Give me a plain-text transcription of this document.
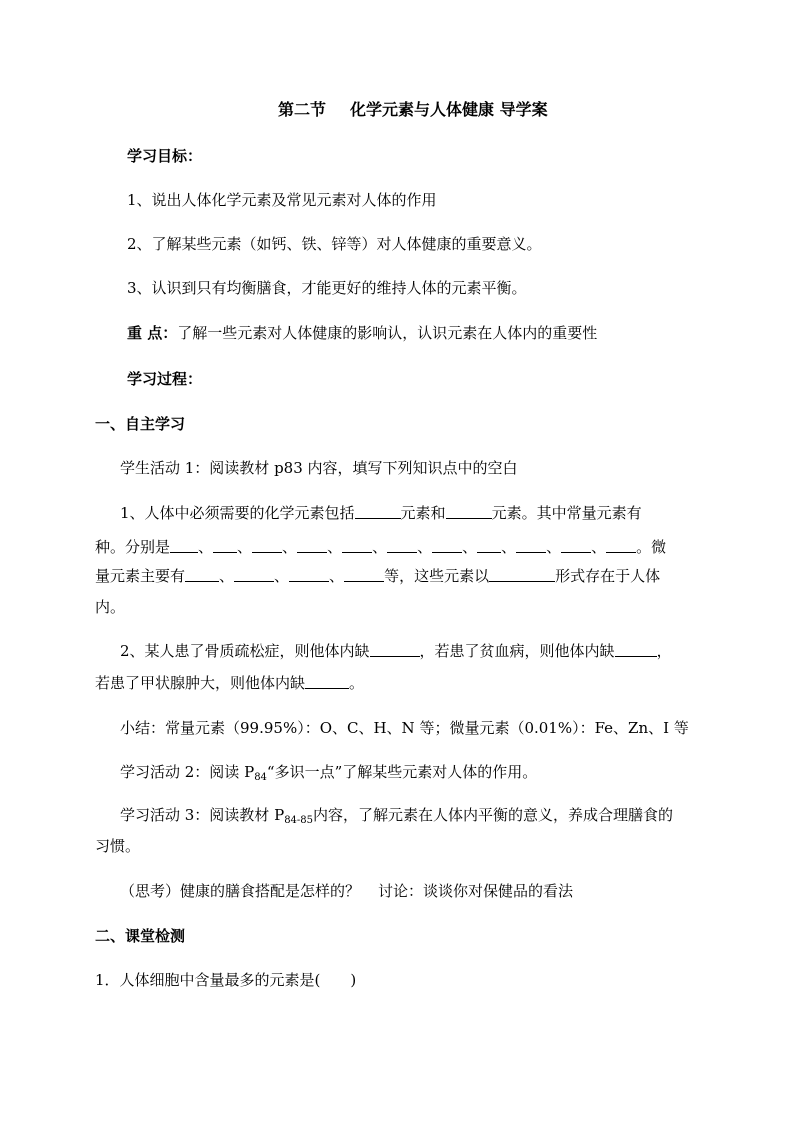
第二节 化学元素与人体健康 导学案
学习目标：
1、说出人体化学元素及常见元素对人体的作用
2、了解某些元素（如钙、铁、锌等）对人体健康的重要意义。
3、认识到只有均衡膳食，才能更好的维持人体的元素平衡。
重 点：了解一些元素对人体健康的影响认，认识元素在人体内的重要性
学习过程：
一、自主学习
学生活动 1：阅读教材 p83 内容，填写下列知识点中的空白
1、人体中必须需要的化学元素包括	元素和	元素。其中常量元素有
种。分别是 、 、 、 、 、 、 、 、 、 、 。微
量元素主要有 、	、	、	等，这些元素以	形式存在于人体
内。
2、某人患了骨质疏松症，则他体内缺	，若患了贫血病，则他体内缺	，
若患了甲状腺肿大，则他体内缺	。
小结：常量元素（99.95%）：O、C、H、N 等；微量元素（0.01%）：Fe、Zn、I 等
学习活动 2：阅读 $P_{84}“$多识一点”了解某些元素对人体的作用。
学习活动 3：阅读教材 $P_{84-85}$内容，了解元素在人体内平衡的意义，养成合理膳食的
习惯。
（思考）健康的膳食搭配是怎样的？ 讨论：谈谈你对保健品的看法
二、课堂检测
1．人体细胞中含量最多的元素是(　　)
